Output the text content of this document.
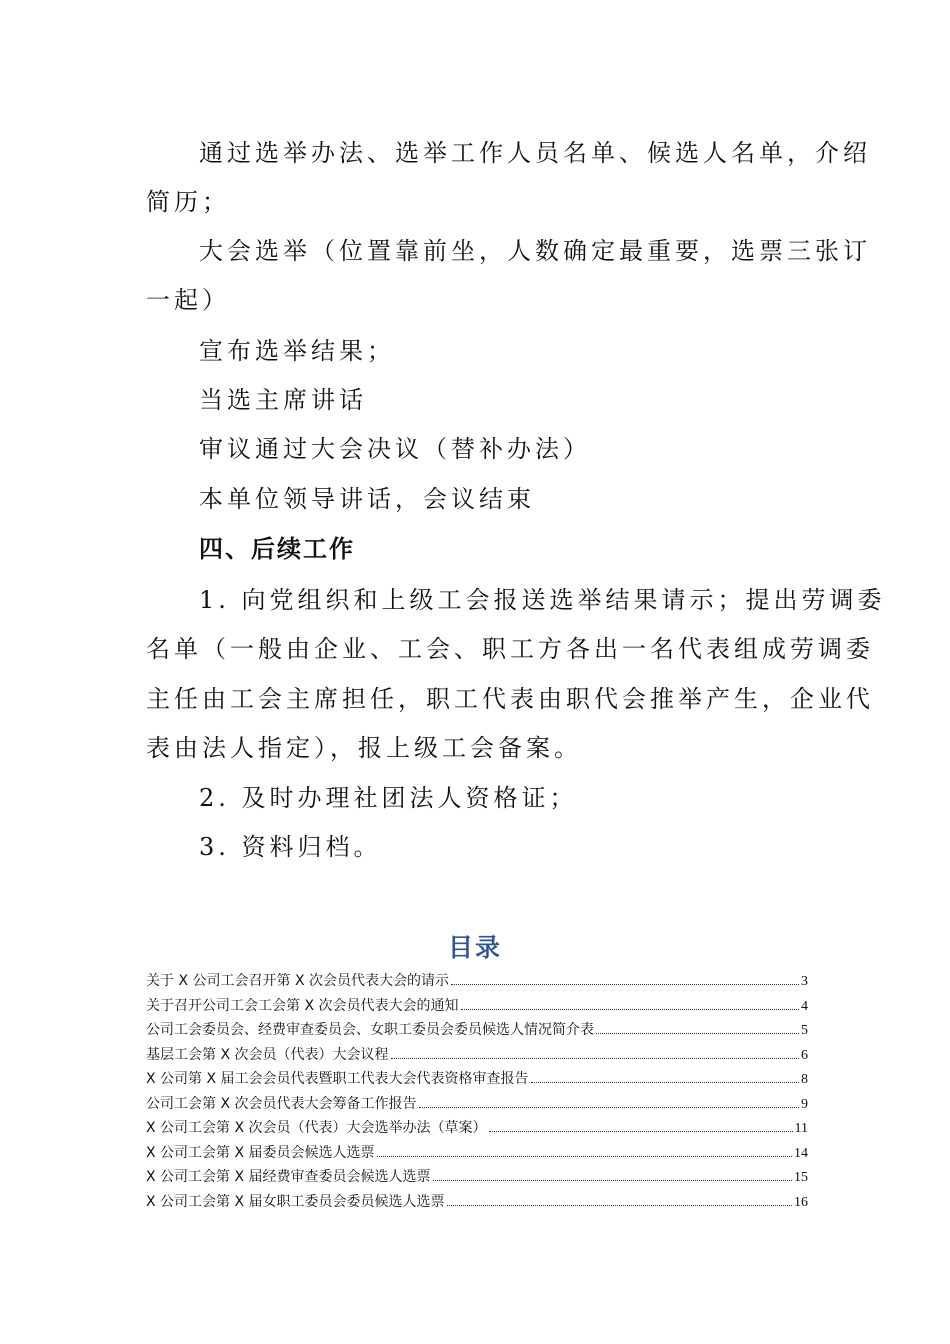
通过选举办法、选举工作人员名单、候选人名单，介绍
简历；
大会选举（位置靠前坐，人数确定最重要，选票三张订
一起）
宣布选举结果；
当选主席讲话
审议通过大会决议（替补办法）
本单位领导讲话，会议结束
四、后续工作
1. 向党组织和上级工会报送选举结果请示；提出劳调委
名单（一般由企业、工会、职工方各出一名代表组成劳调委
主任由工会主席担任，职工代表由职代会推举产生，企业代
表由法人指定），报上级工会备案。
2. 及时办理社团法人资格证；
3. 资料归档。
目录
关于 X 公司工会召开第 X 次会员代表大会的请示	3
关于召开公司工会工会第 X 次会员代表大会的通知	4
公司工会委员会、经费审查委员会、女职工委员会委员候选人情况简介表	5
基层工会第 X 次会员（代表）大会议程	6
X 公司第 X 届工会会员代表暨职工代表大会代表资格审查报告	8
公司工会第 X 次会员代表大会筹备工作报告	9
X 公司工会第 X 次会员（代表）大会选举办法（草案）	11
X 公司工会第 X 届委员会候选人选票	14
X 公司工会第 X 届经费审查委员会候选人选票	15
X 公司工会第 X 届女职工委员会委员候选人选票	16
